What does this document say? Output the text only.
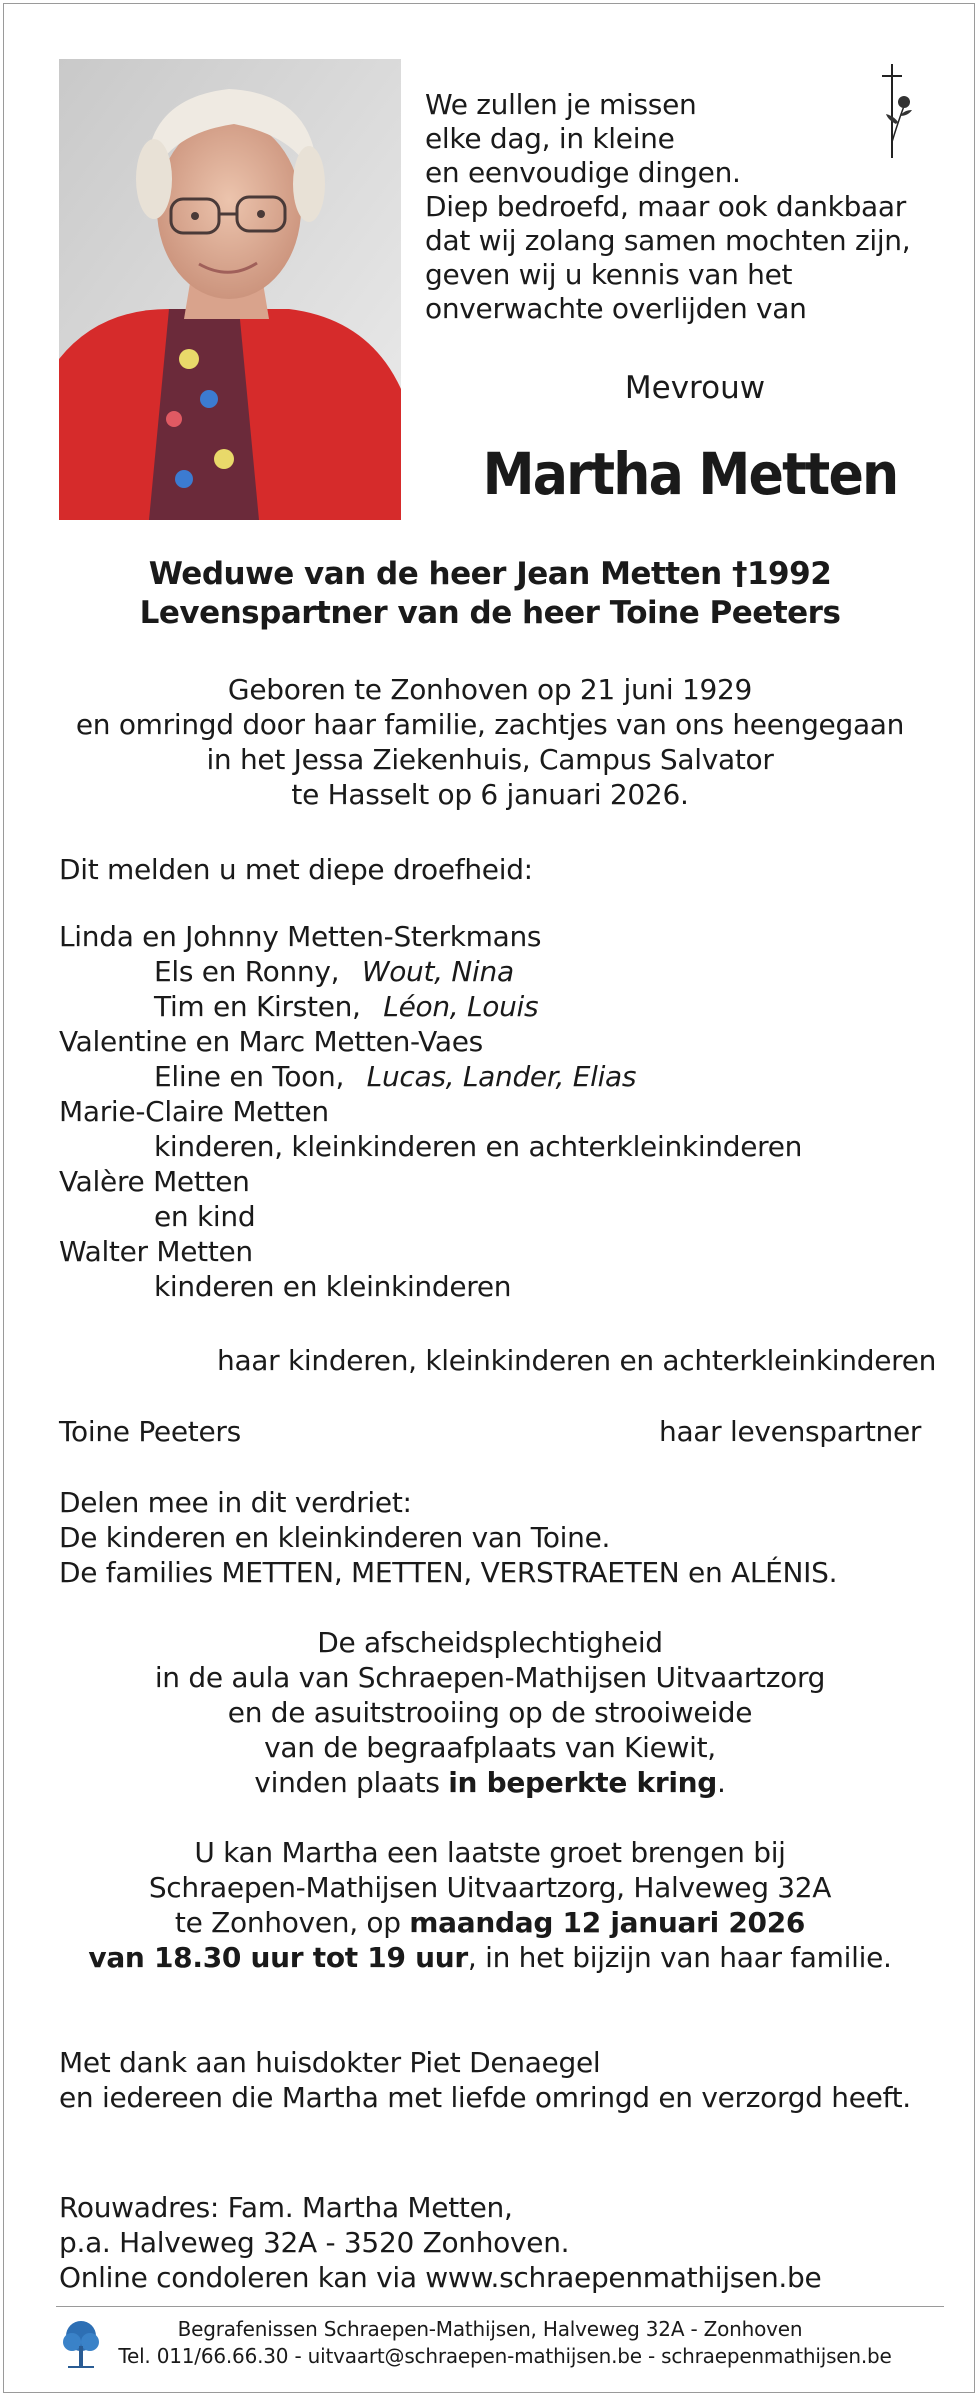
We zullen je missen
elke dag, in kleine
en eenvoudige dingen.
Diep bedroefd, maar ook dankbaar
dat wij zolang samen mochten zijn,
geven wij u kennis van het
onverwachte overlijden van
Mevrouw
Martha Metten
Weduwe van de heer Jean Metten †1992
Levenspartner van de heer Toine Peeters
Geboren te Zonhoven op 21 juni 1929
en omringd door haar familie, zachtjes van ons heengegaan
in het Jessa Ziekenhuis, Campus Salvator
te Hasselt op 6 januari 2026.
Dit melden u met diepe droefheid:
Linda en Johnny Metten-Sterkmans
Els en Ronny, Wout, Nina
Tim en Kirsten, Léon, Louis
Valentine en Marc Metten-Vaes
Eline en Toon, Lucas, Lander, Elias
Marie-Claire Metten
kinderen, kleinkinderen en achterkleinkinderen
Valère Metten
en kind
Walter Metten
kinderen en kleinkinderen
haar kinderen, kleinkinderen en achterkleinkinderen
Toine Peeters	haar levenspartner
Delen mee in dit verdriet:
De kinderen en kleinkinderen van Toine.
De families METTEN, METTEN, VERSTRAETEN en ALÉNIS.
De afscheidsplechtigheid
in de aula van Schraepen-Mathijsen Uitvaartzorg
en de asuitstrooiing op de strooiweide
van de begraafplaats van Kiewit,
vinden plaats in beperkte kring.
U kan Martha een laatste groet brengen bij
Schraepen-Mathijsen Uitvaartzorg, Halveweg 32A
te Zonhoven, op maandag 12 januari 2026
van 18.30 uur tot 19 uur, in het bijzijn van haar familie.
Met dank aan huisdokter Piet Denaegel
en iedereen die Martha met liefde omringd en verzorgd heeft.
Rouwadres: Fam. Martha Metten,
p.a. Halveweg 32A - 3520 Zonhoven.
Online condoleren kan via www.schraepenmathijsen.be
Begrafenissen Schraepen-Mathijsen, Halveweg 32A - Zonhoven
Tel. 011/66.66.30 - uitvaart@schraepen-mathijsen.be - schraepenmathijsen.be
